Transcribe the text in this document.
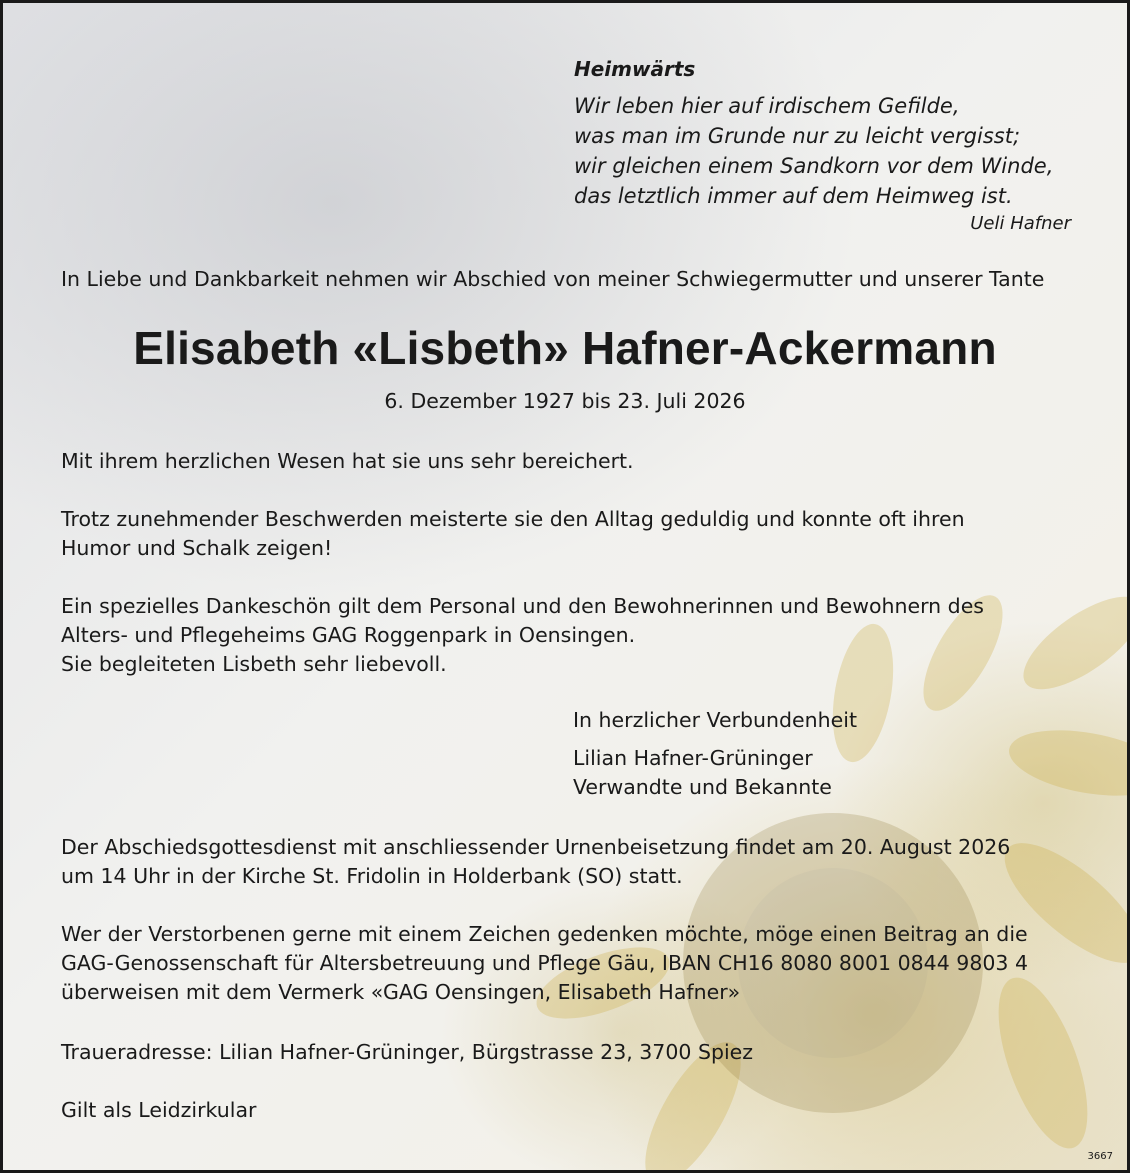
Heimwärts

Wir leben hier auf irdischem Gefilde,
was man im Grunde nur zu leicht vergisst;
wir gleichen einem Sandkorn vor dem Winde,
das letztlich immer auf dem Heimweg ist.

Ueli Hafner

In Liebe und Dankbarkeit nehmen wir Abschied von meiner Schwiegermutter und unserer Tante

Elisabeth «Lisbeth» Hafner-Ackermann

6. Dezember 1927 bis 23. Juli 2026

Mit ihrem herzlichen Wesen hat sie uns sehr bereichert.
Trotz zunehmender Beschwerden meisterte sie den Alltag geduldig und konnte oft ihren
Humor und Schalk zeigen!
Ein spezielles Dankeschön gilt dem Personal und den Bewohnerinnen und Bewohnern des
Alters- und Pflegeheims GAG Roggenpark in Oensingen.
Sie begleiteten Lisbeth sehr liebevoll.

In herzlicher Verbundenheit

Lilian Hafner-Grüninger

Verwandte und Bekannte

Der Abschiedsgottesdienst mit anschliessender Urnenbeisetzung findet am 20. August 2026
um 14 Uhr in der Kirche St. Fridolin in Holderbank (SO) statt.
Wer der Verstorbenen gerne mit einem Zeichen gedenken möchte, möge einen Beitrag an die
GAG-Genossenschaft für Altersbetreuung und Pflege Gäu, IBAN CH16 8080 8001 0844 9803 4
überweisen mit dem Vermerk «GAG Oensingen, Elisabeth Hafner»

Traueradresse: Lilian Hafner-Grüninger, Bürgstrasse 23, 3700 Spiez

Gilt als Leidzirkular

3667
